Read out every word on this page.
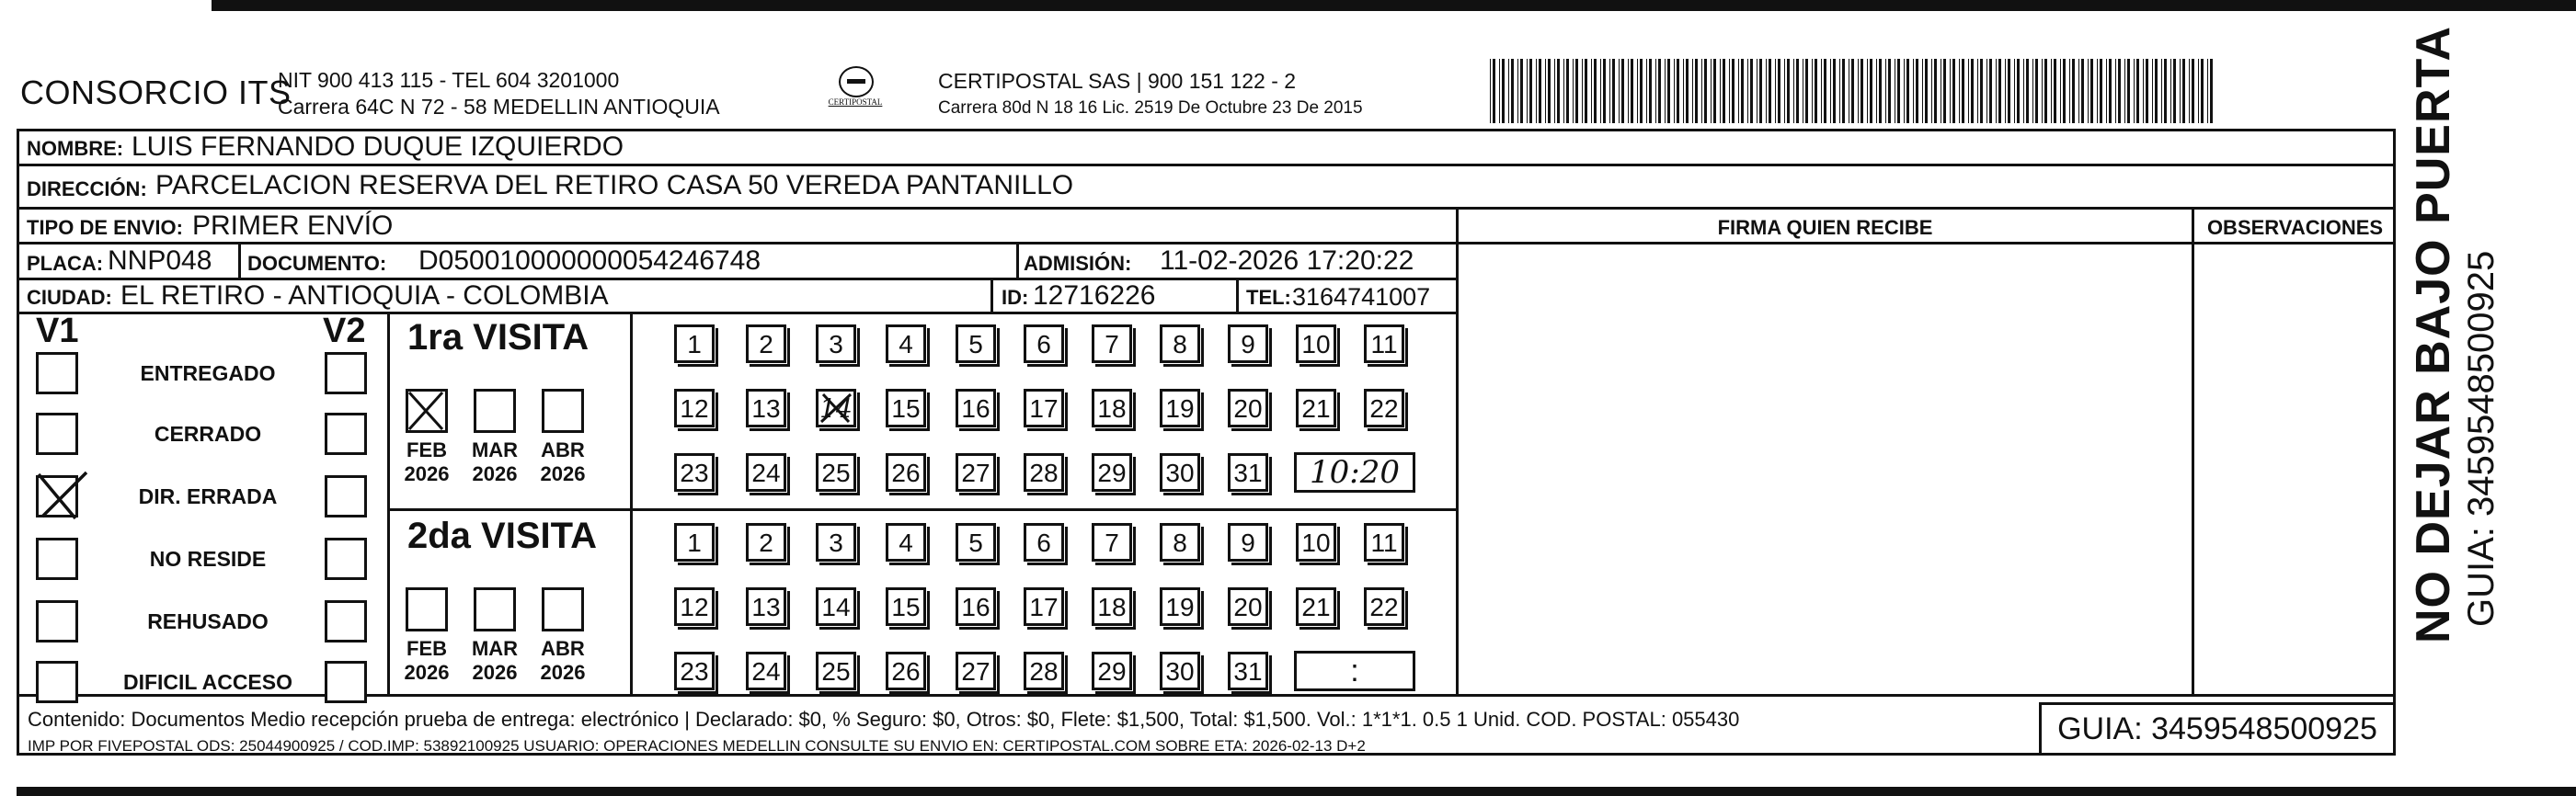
CONSORCIO ITS
NIT 900 413 115 - TEL 604 3201000
Carrera 64C N 72 - 58 MEDELLIN ANTIOQUIA	CERTIPOSTAL
CERTIPOSTAL SAS | 900 151 122 - 2
Carrera 80d N 18 16 Lic. 2519 De Octubre 23 De 2015
NOMBRE: LUIS FERNANDO DUQUE IZQUIERDO
DIRECCIÓN: PARCELACION RESERVA DEL RETIRO CASA 50 VEREDA PANTANILLO
TIPO DE ENVIO: PRIMER ENVÍO	FIRMA QUIEN RECIBE	OBSERVACIONES
PLACA: NNP048 DOCUMENTO: D050010000000054246748	ADMISIÓN: 11-02-2026 17:20:22
CIUDAD: EL RETIRO - ANTIOQUIA - COLOMBIA	ID: 12716226	TEL: 3164741007
V1	V2
ENTREGADO
CERRADO
DIR. ERRADA
NO RESIDE
REHUSADO
DIFICIL ACCESO
1ra VISITA
FEB
2026
MAR
2026
ABR
2026
1	2	3	4	5	6	7	8	9	10 11
12 13 14 15 16 17 18 19 20 21 22
23 24 25 26 27 28 29 30 31	10:20
2da VISITA
FEB
2026
MAR
2026
ABR
2026
1	2	3	4	5	6	7	8	9	10 11
12 13 14 15 16 17 18 19 20 21 22
23 24 25 26 27 28 29 30 31	:
Contenido: Documentos Medio recepción prueba de entrega: electrónico | Declarado: $0, % Seguro: $0, Otros: $0, Flete: $1,500, Total: $1,500. Vol.: 1*1*1. 0.5 1 Unid. COD. POSTAL: 055430
IMP POR FIVEPOSTAL ODS: 25044900925 / COD.IMP: 53892100925 USUARIO: OPERACIONES MEDELLIN CONSULTE SU ENVIO EN: CERTIPOSTAL.COM SOBRE ETA: 2026-02-13 D+2	GUIA: 3459548500925
NO DEJAR BAJO PUERTA GUIA: 3459548500925
